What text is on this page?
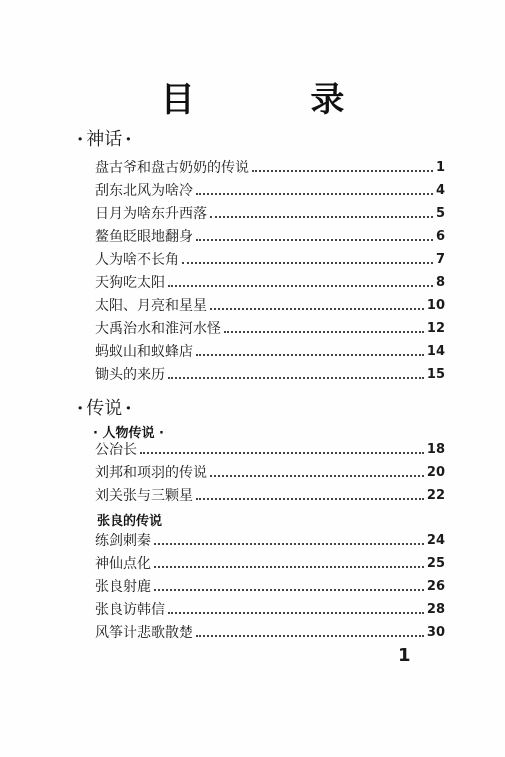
目 录
· 神话 ·
盘古爷和盘古奶奶的传说	1
刮东北风为啥冷	4
日月为啥东升西落	5
鳌鱼眨眼地翻身	6
人为啥不长角	7
天狗吃太阳	8
太阳、月亮和星星	10
大禹治水和淮河水怪	12
蚂蚁山和蚁蜂店	14
锄头的来历	15
· 传说 ·
· 人物传说 ·
公冶长	18
刘邦和项羽的传说	20
刘关张与三颗星	22
张良的传说
练剑刺秦	24
神仙点化	25
张良射鹿	26
张良访韩信	28
风筝计悲歌散楚	30
1
